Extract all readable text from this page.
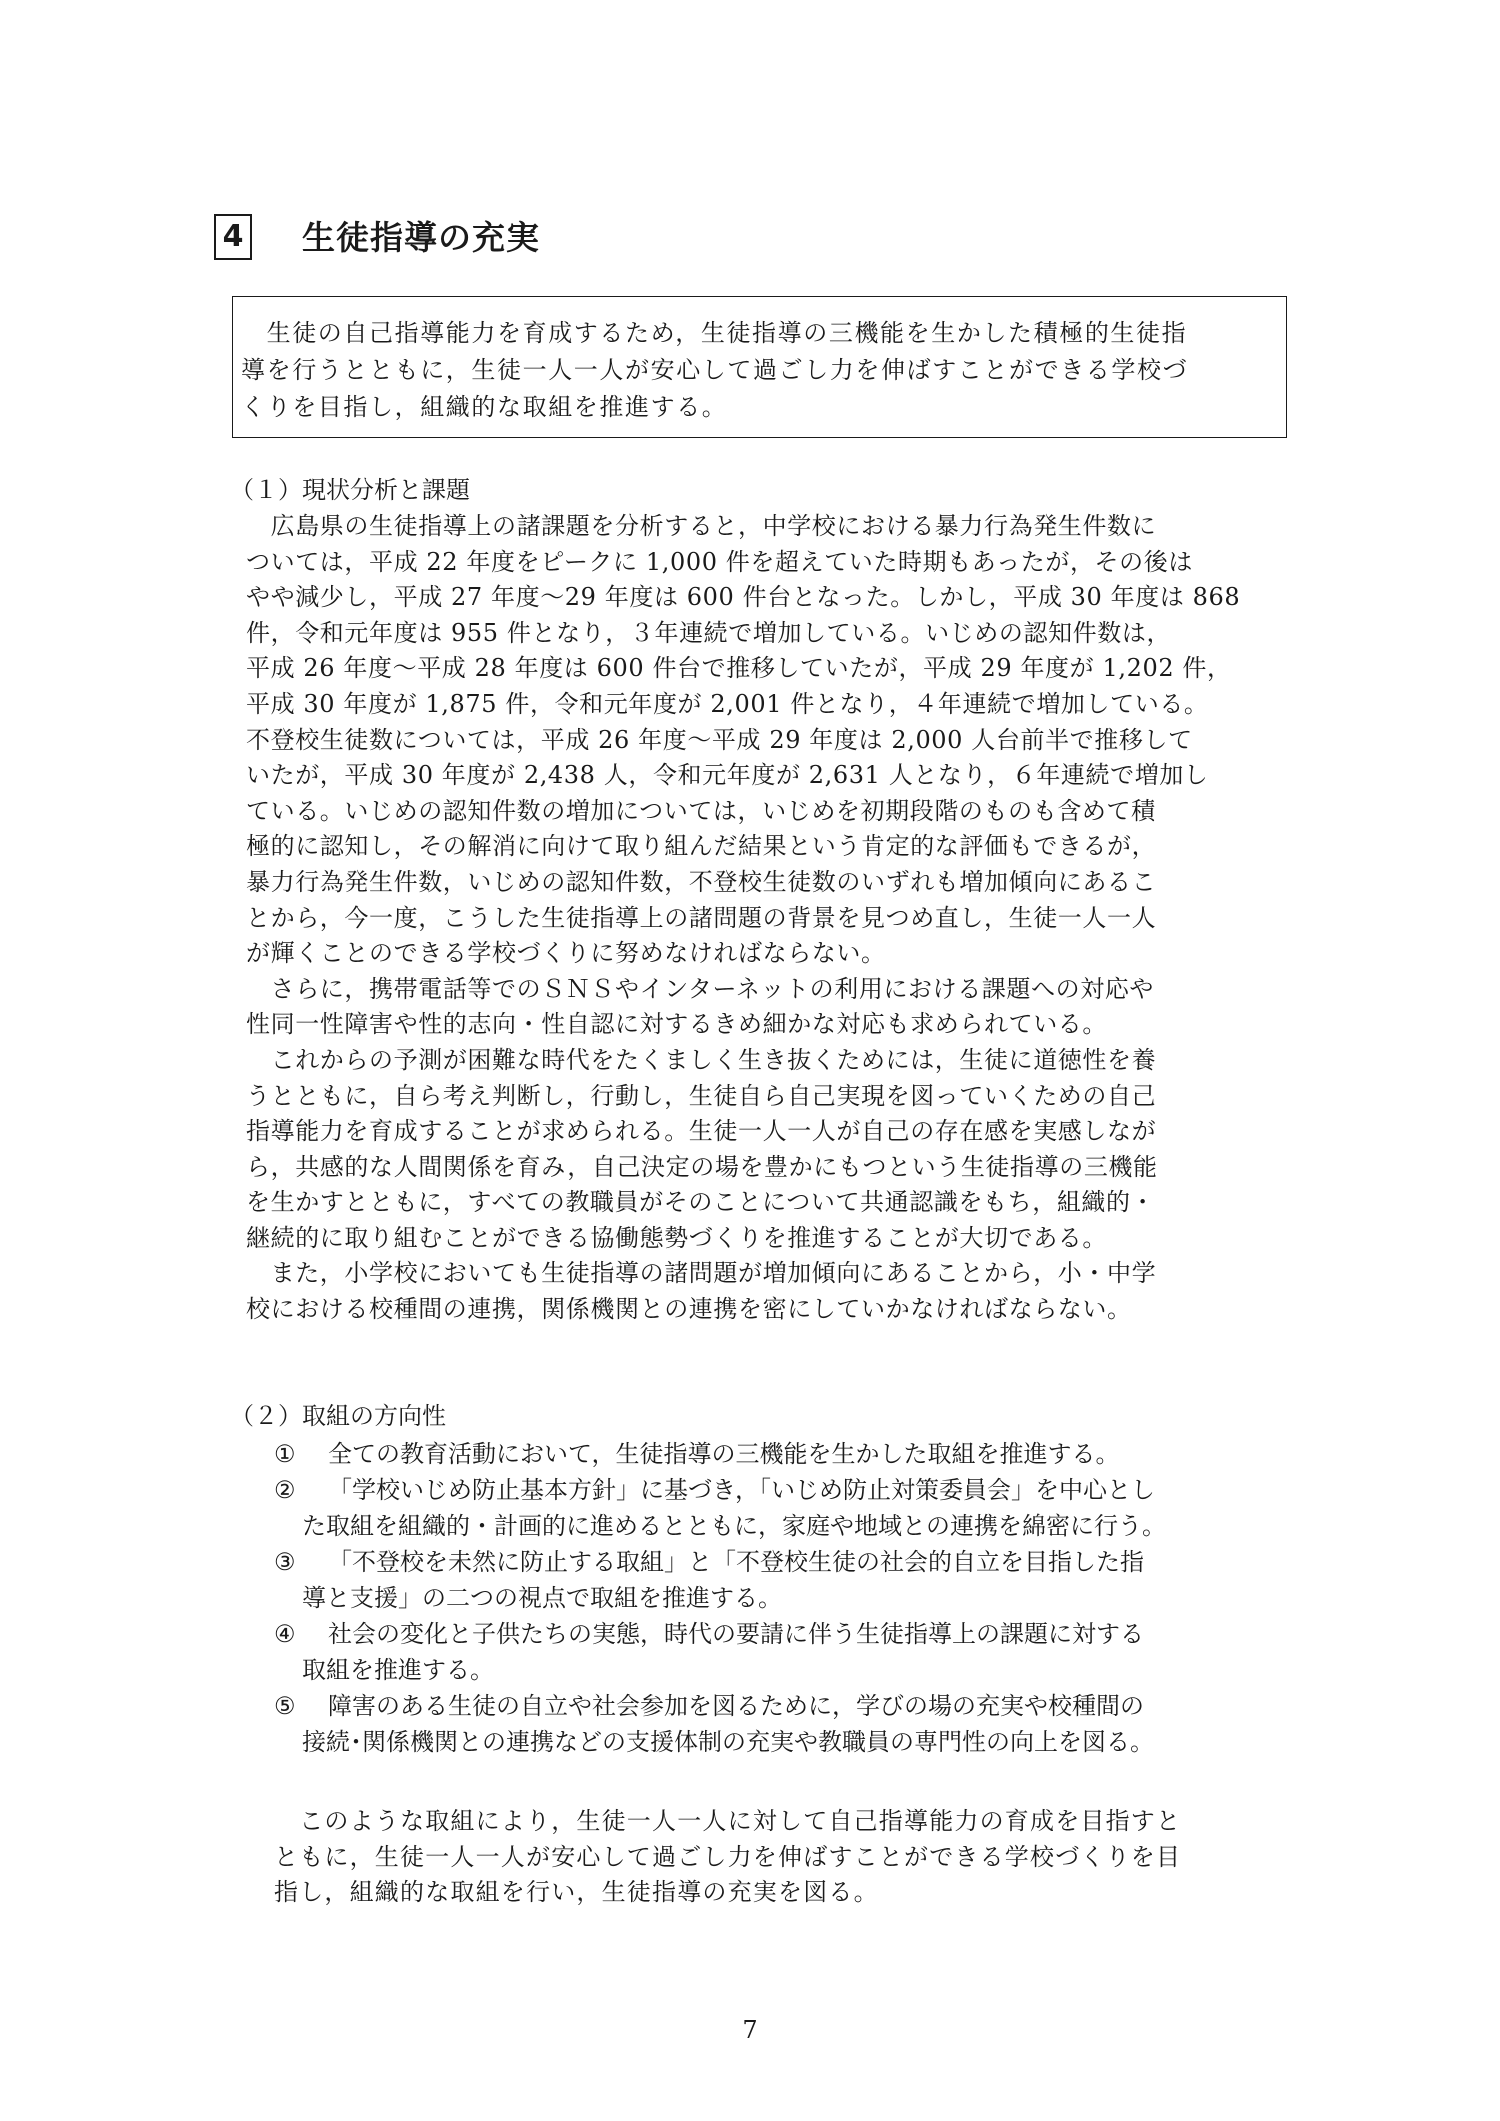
4 生徒指導の充実
　生徒の自己指導能力を育成するため，生徒指導の三機能を生かした積極的生徒指
導を行うとともに，生徒一人一人が安心して過ごし力を伸ばすことができる学校づ
くりを目指し，組織的な取組を推進する。
（１）現状分析と課題
　広島県の生徒指導上の諸課題を分析すると，中学校における暴力行為発生件数に
ついては，平成 22 年度をピークに 1,000 件を超えていた時期もあったが，その後は
やや減少し，平成 27 年度～29 年度は 600 件台となった。しかし，平成 30 年度は 868
件，令和元年度は 955 件となり，３年連続で増加している。いじめの認知件数は，
平成 26 年度～平成 28 年度は 600 件台で推移していたが，平成 29 年度が 1,202 件，
平成 30 年度が 1,875 件，令和元年度が 2,001 件となり，４年連続で増加している。
不登校生徒数については，平成 26 年度～平成 29 年度は 2,000 人台前半で推移して
いたが，平成 30 年度が 2,438 人，令和元年度が 2,631 人となり，６年連続で増加し
ている。いじめの認知件数の増加については，いじめを初期段階のものも含めて積
極的に認知し，その解消に向けて取り組んだ結果という肯定的な評価もできるが，
暴力行為発生件数，いじめの認知件数，不登校生徒数のいずれも増加傾向にあるこ
とから，今一度，こうした生徒指導上の諸問題の背景を見つめ直し，生徒一人一人
が輝くことのできる学校づくりに努めなければならない。
　さらに，携帯電話等でのＳＮＳやインターネットの利用における課題への対応や
性同一性障害や性的志向・性自認に対するきめ細かな対応も求められている。
　これからの予測が困難な時代をたくましく生き抜くためには，生徒に道徳性を養
うとともに，自ら考え判断し，行動し，生徒自ら自己実現を図っていくための自己
指導能力を育成することが求められる。生徒一人一人が自己の存在感を実感しなが
ら，共感的な人間関係を育み，自己決定の場を豊かにもつという生徒指導の三機能
を生かすとともに，すべての教職員がそのことについて共通認識をもち，組織的・
継続的に取り組むことができる協働態勢づくりを推進することが大切である。
　また，小学校においても生徒指導の諸問題が増加傾向にあることから，小・中学
校における校種間の連携，関係機関との連携を密にしていかなければならない。
（２）取組の方向性
①	全ての教育活動において，生徒指導の三機能を生かした取組を推進する。
②	「学校いじめ防止基本方針」に基づき，「いじめ防止対策委員会」を中心とし
た取組を組織的・計画的に進めるとともに，家庭や地域との連携を綿密に行う。
③	「不登校を未然に防止する取組」と「不登校生徒の社会的自立を目指した指
導と支援」の二つの視点で取組を推進する。
④	社会の変化と子供たちの実態，時代の要請に伴う生徒指導上の課題に対する
取組を推進する。
⑤	障害のある生徒の自立や社会参加を図るために，学びの場の充実や校種間の
接続･関係機関との連携などの支援体制の充実や教職員の専門性の向上を図る。
　このような取組により，生徒一人一人に対して自己指導能力の育成を目指すと
ともに，生徒一人一人が安心して過ごし力を伸ばすことができる学校づくりを目
指し，組織的な取組を行い，生徒指導の充実を図る。
7
